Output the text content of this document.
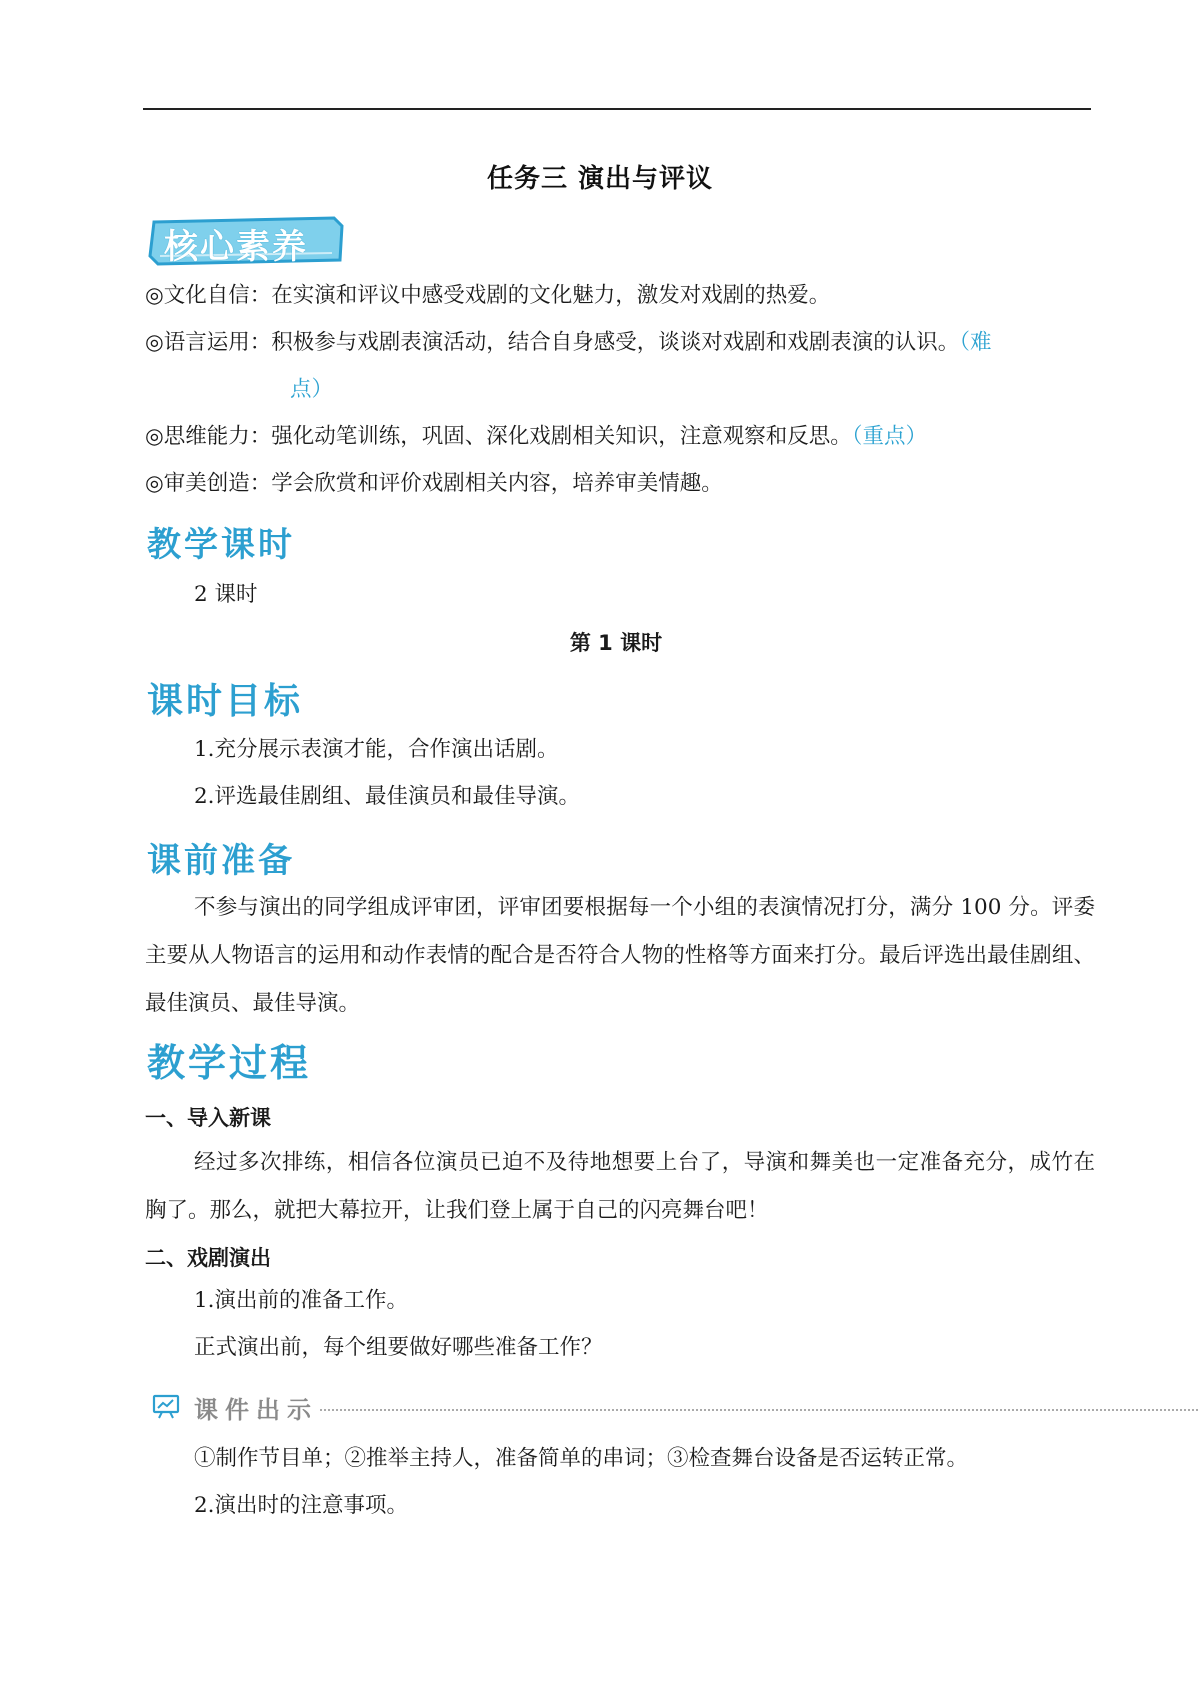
任务三 演出与评议
核心素养
◎文化自信：在实演和评议中感受戏剧的文化魅力，激发对戏剧的热爱。
◎语言运用：积极参与戏剧表演活动，结合自身感受，谈谈对戏剧和戏剧表演的认识。（难
点）
◎思维能力：强化动笔训练，巩固、深化戏剧相关知识，注意观察和反思。（重点）
◎审美创造：学会欣赏和评价戏剧相关内容，培养审美情趣。
教学课时
2 课时
第 1 课时
课时目标
1.充分展示表演才能，合作演出话剧。
2.评选最佳剧组、最佳演员和最佳导演。
课前准备
不参与演出的同学组成评审团，评审团要根据每一个小组的表演情况打分，满分 100 分。评委主要从人物语言的运用和动作表情的配合是否符合人物的性格等方面来打分。最后评选出最佳剧组、最佳演员、最佳导演。
教学过程
一、导入新课
经过多次排练，相信各位演员已迫不及待地想要上台了，导演和舞美也一定准备充分，成竹在胸了。那么，就把大幕拉开，让我们登上属于自己的闪亮舞台吧！
二、戏剧演出
1.演出前的准备工作。
正式演出前，每个组要做好哪些准备工作？
课件出示
①制作节目单；②推举主持人，准备简单的串词；③检查舞台设备是否运转正常。
2.演出时的注意事项。
